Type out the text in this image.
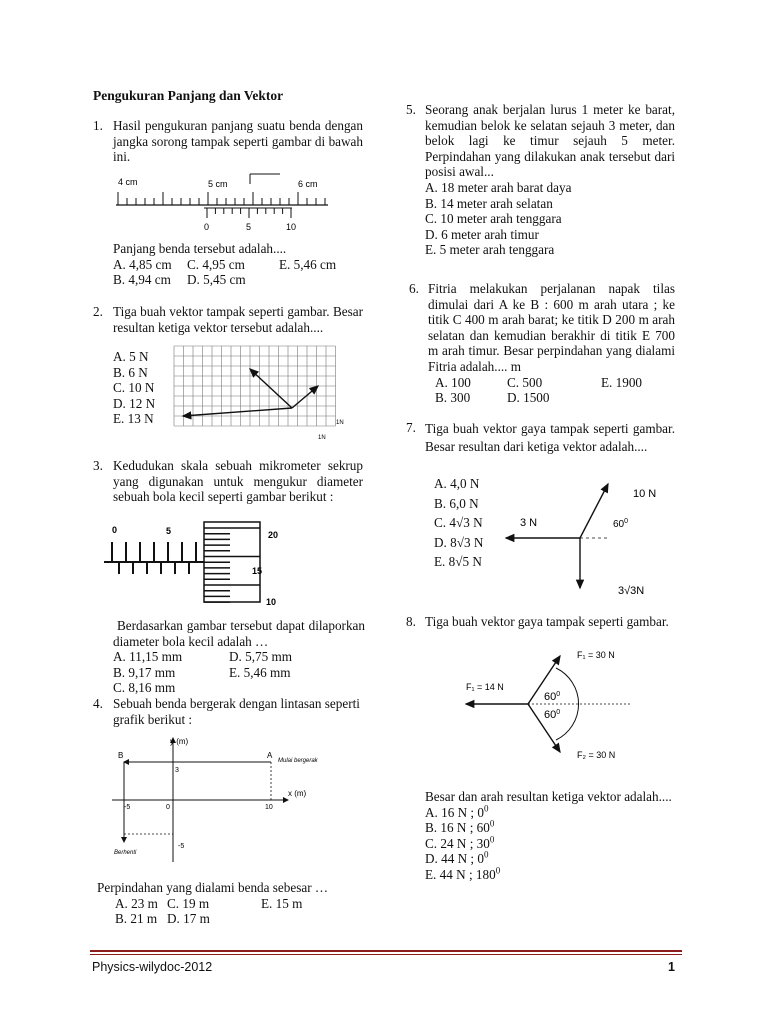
Pengukuran Panjang dan Vektor
1. Hasil pengukuran panjang suatu benda dengan jangka sorong tampak seperti gambar di bawah ini.
4 cm	5 cm	6 cm
0	5	10
Panjang benda tersebut adalah....
A. 4,85 cm	C. 4,95 cm	E. 5,46 cm
B. 4,94 cm	D. 5,45 cm
2. Tiga buah vektor tampak seperti gambar. Besar resultan ketiga vektor tersebut adalah....
A. 5 N
B. 6 N
C. 10 N
D. 12 N
E. 13 N	1N
1N
3. Kedudukan skala sebuah mikrometer sekrup yang digunakan untuk mengukur diameter sebuah bola kecil seperti gambar berikut :
0	5	20
15
10
Berdasarkan gambar tersebut dapat dilaporkan diameter bola kecil adalah …
A. 11,15 mm	D. 5,75 mm
B. 9,17 mm	E. 5,46 mm
C. 8,16 mm
4. Sebuah benda bergerak dengan lintasan seperti grafik berikut :
y (m)
x (m)
B	A
Mulai bergerak
Berhenti
3
-5	0	10
-5
Perpindahan yang dialami benda sebesar …
A. 23 m C. 19 m	E. 15 m
B. 21 m D. 17 m
5. Seorang anak berjalan lurus 1 meter ke barat, kemudian belok ke selatan sejauh 3 meter, dan belok lagi ke timur sejauh 5 meter. Perpindahan yang dilakukan anak tersebut dari posisi awal...
A. 18 meter arah barat daya
B. 14 meter arah selatan
C. 10 meter arah tenggara
D. 6 meter arah timur
E. 5 meter arah tenggara
6. Fitria melakukan perjalanan napak tilas dimulai dari A ke B : 600 m arah utara ; ke titik C 400 m arah barat; ke titik D 200 m arah selatan dan kemudian berakhir di titik E 700 m arah timur. Besar perpindahan yang dialami Fitria adalah.... m
A. 100	C. 500	E. 1900
B. 300	D. 1500
7. Tiga buah vektor gaya tampak seperti gambar. Besar resultan dari ketiga vektor adalah....
A. 4,0 N
B. 6,0 N
C. 4√3 N
D. 8√3 N
E. 8√5 N
10 N
3 N
3√3N
$60^0$
8. Tiga buah vektor gaya tampak seperti gambar.
F₁ = 30 N
F₁ = 14 N
F₂ = 30 N
$60^0$
$60^0$
Besar dan arah resultan ketiga vektor adalah....
A. 16 N ; $0^0$
B. 16 N ; $60^0$
C. 24 N ; $30^0$
D. 44 N ; $0^0$
E. 44 N ; $180^0$
Physics-wilydoc-2012	1
